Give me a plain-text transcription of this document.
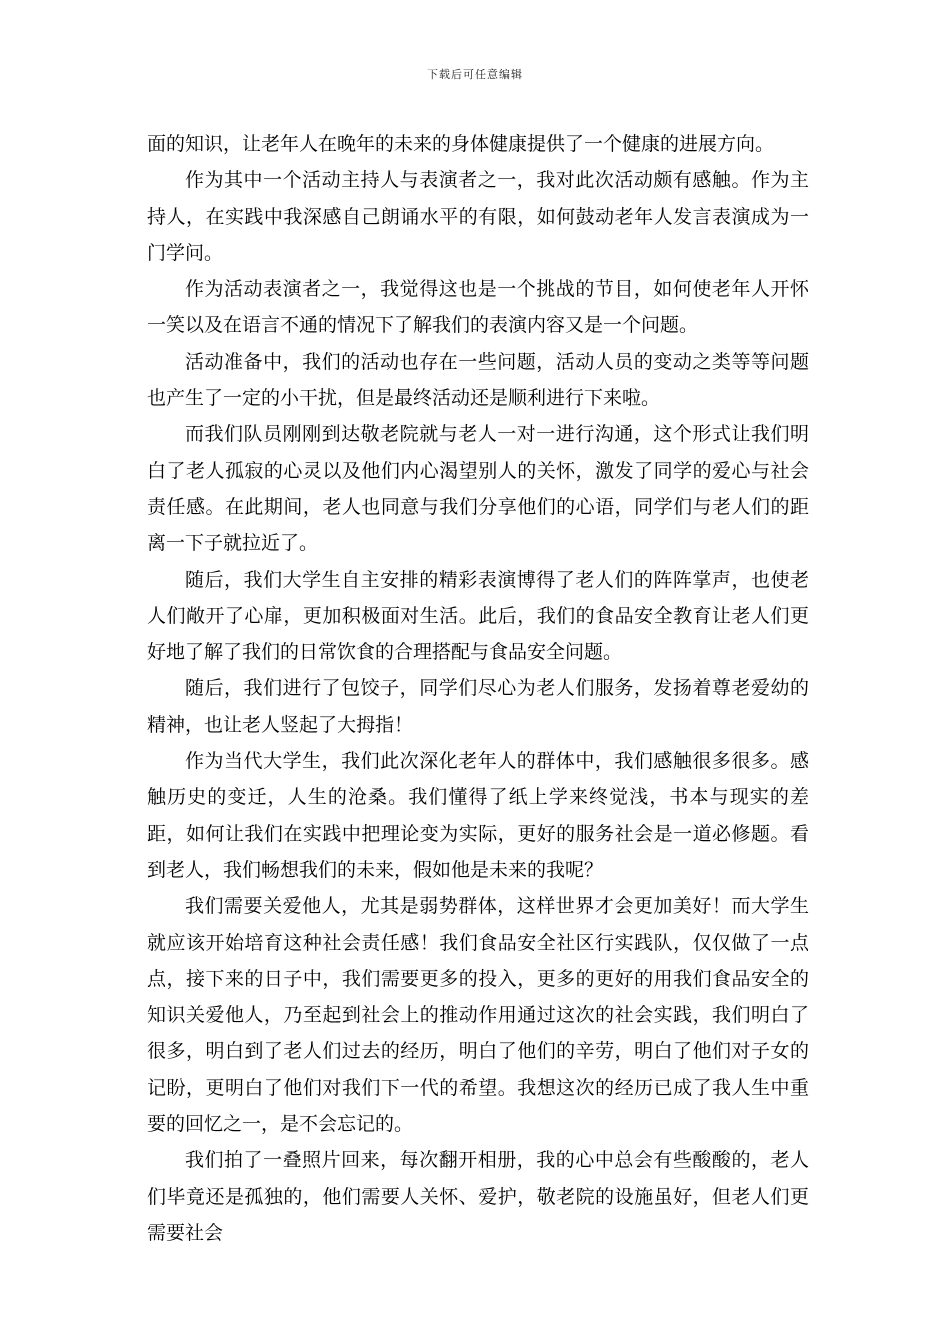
下载后可任意编辑

面的知识，让老年人在晚年的未来的身体健康提供了一个健康的进展方向。

作为其中一个活动主持人与表演者之一，我对此次活动颇有感触。作为主持人，在实践中我深感自己朗诵水平的有限，如何鼓动老年人发言表演成为一门学问。

作为活动表演者之一，我觉得这也是一个挑战的节目，如何使老年人开怀一笑以及在语言不通的情况下了解我们的表演内容又是一个问题。

活动准备中，我们的活动也存在一些问题，活动人员的变动之类等等问题也产生了一定的小干扰，但是最终活动还是顺利进行下来啦。

而我们队员刚刚到达敬老院就与老人一对一进行沟通，这个形式让我们明白了老人孤寂的心灵以及他们内心渴望别人的关怀，激发了同学的爱心与社会责任感。在此期间，老人也同意与我们分享他们的心语，同学们与老人们的距离一下子就拉近了。

随后，我们大学生自主安排的精彩表演博得了老人们的阵阵掌声，也使老人们敞开了心扉，更加积极面对生活。此后，我们的食品安全教育让老人们更好地了解了我们的日常饮食的合理搭配与食品安全问题。

随后，我们进行了包饺子，同学们尽心为老人们服务，发扬着尊老爱幼的精神，也让老人竖起了大拇指！

作为当代大学生，我们此次深化老年人的群体中，我们感触很多很多。感触历史的变迁，人生的沧桑。我们懂得了纸上学来终觉浅，书本与现实的差距，如何让我们在实践中把理论变为实际，更好的服务社会是一道必修题。看到老人，我们畅想我们的未来，假如他是未来的我呢？

我们需要关爱他人，尤其是弱势群体，这样世界才会更加美好！而大学生就应该开始培育这种社会责任感！我们食品安全社区行实践队，仅仅做了一点点，接下来的日子中，我们需要更多的投入，更多的更好的用我们食品安全的知识关爱他人，乃至起到社会上的推动作用通过这次的社会实践，我们明白了很多，明白到了老人们过去的经历，明白了他们的辛劳，明白了他们对子女的记盼，更明白了他们对我们下一代的希望。我想这次的经历已成了我人生中重要的回忆之一，是不会忘记的。

我们拍了一叠照片回来，每次翻开相册，我的心中总会有些酸酸的，老人们毕竟还是孤独的，他们需要人关怀、爱护，敬老院的设施虽好，但老人们更需要社会
